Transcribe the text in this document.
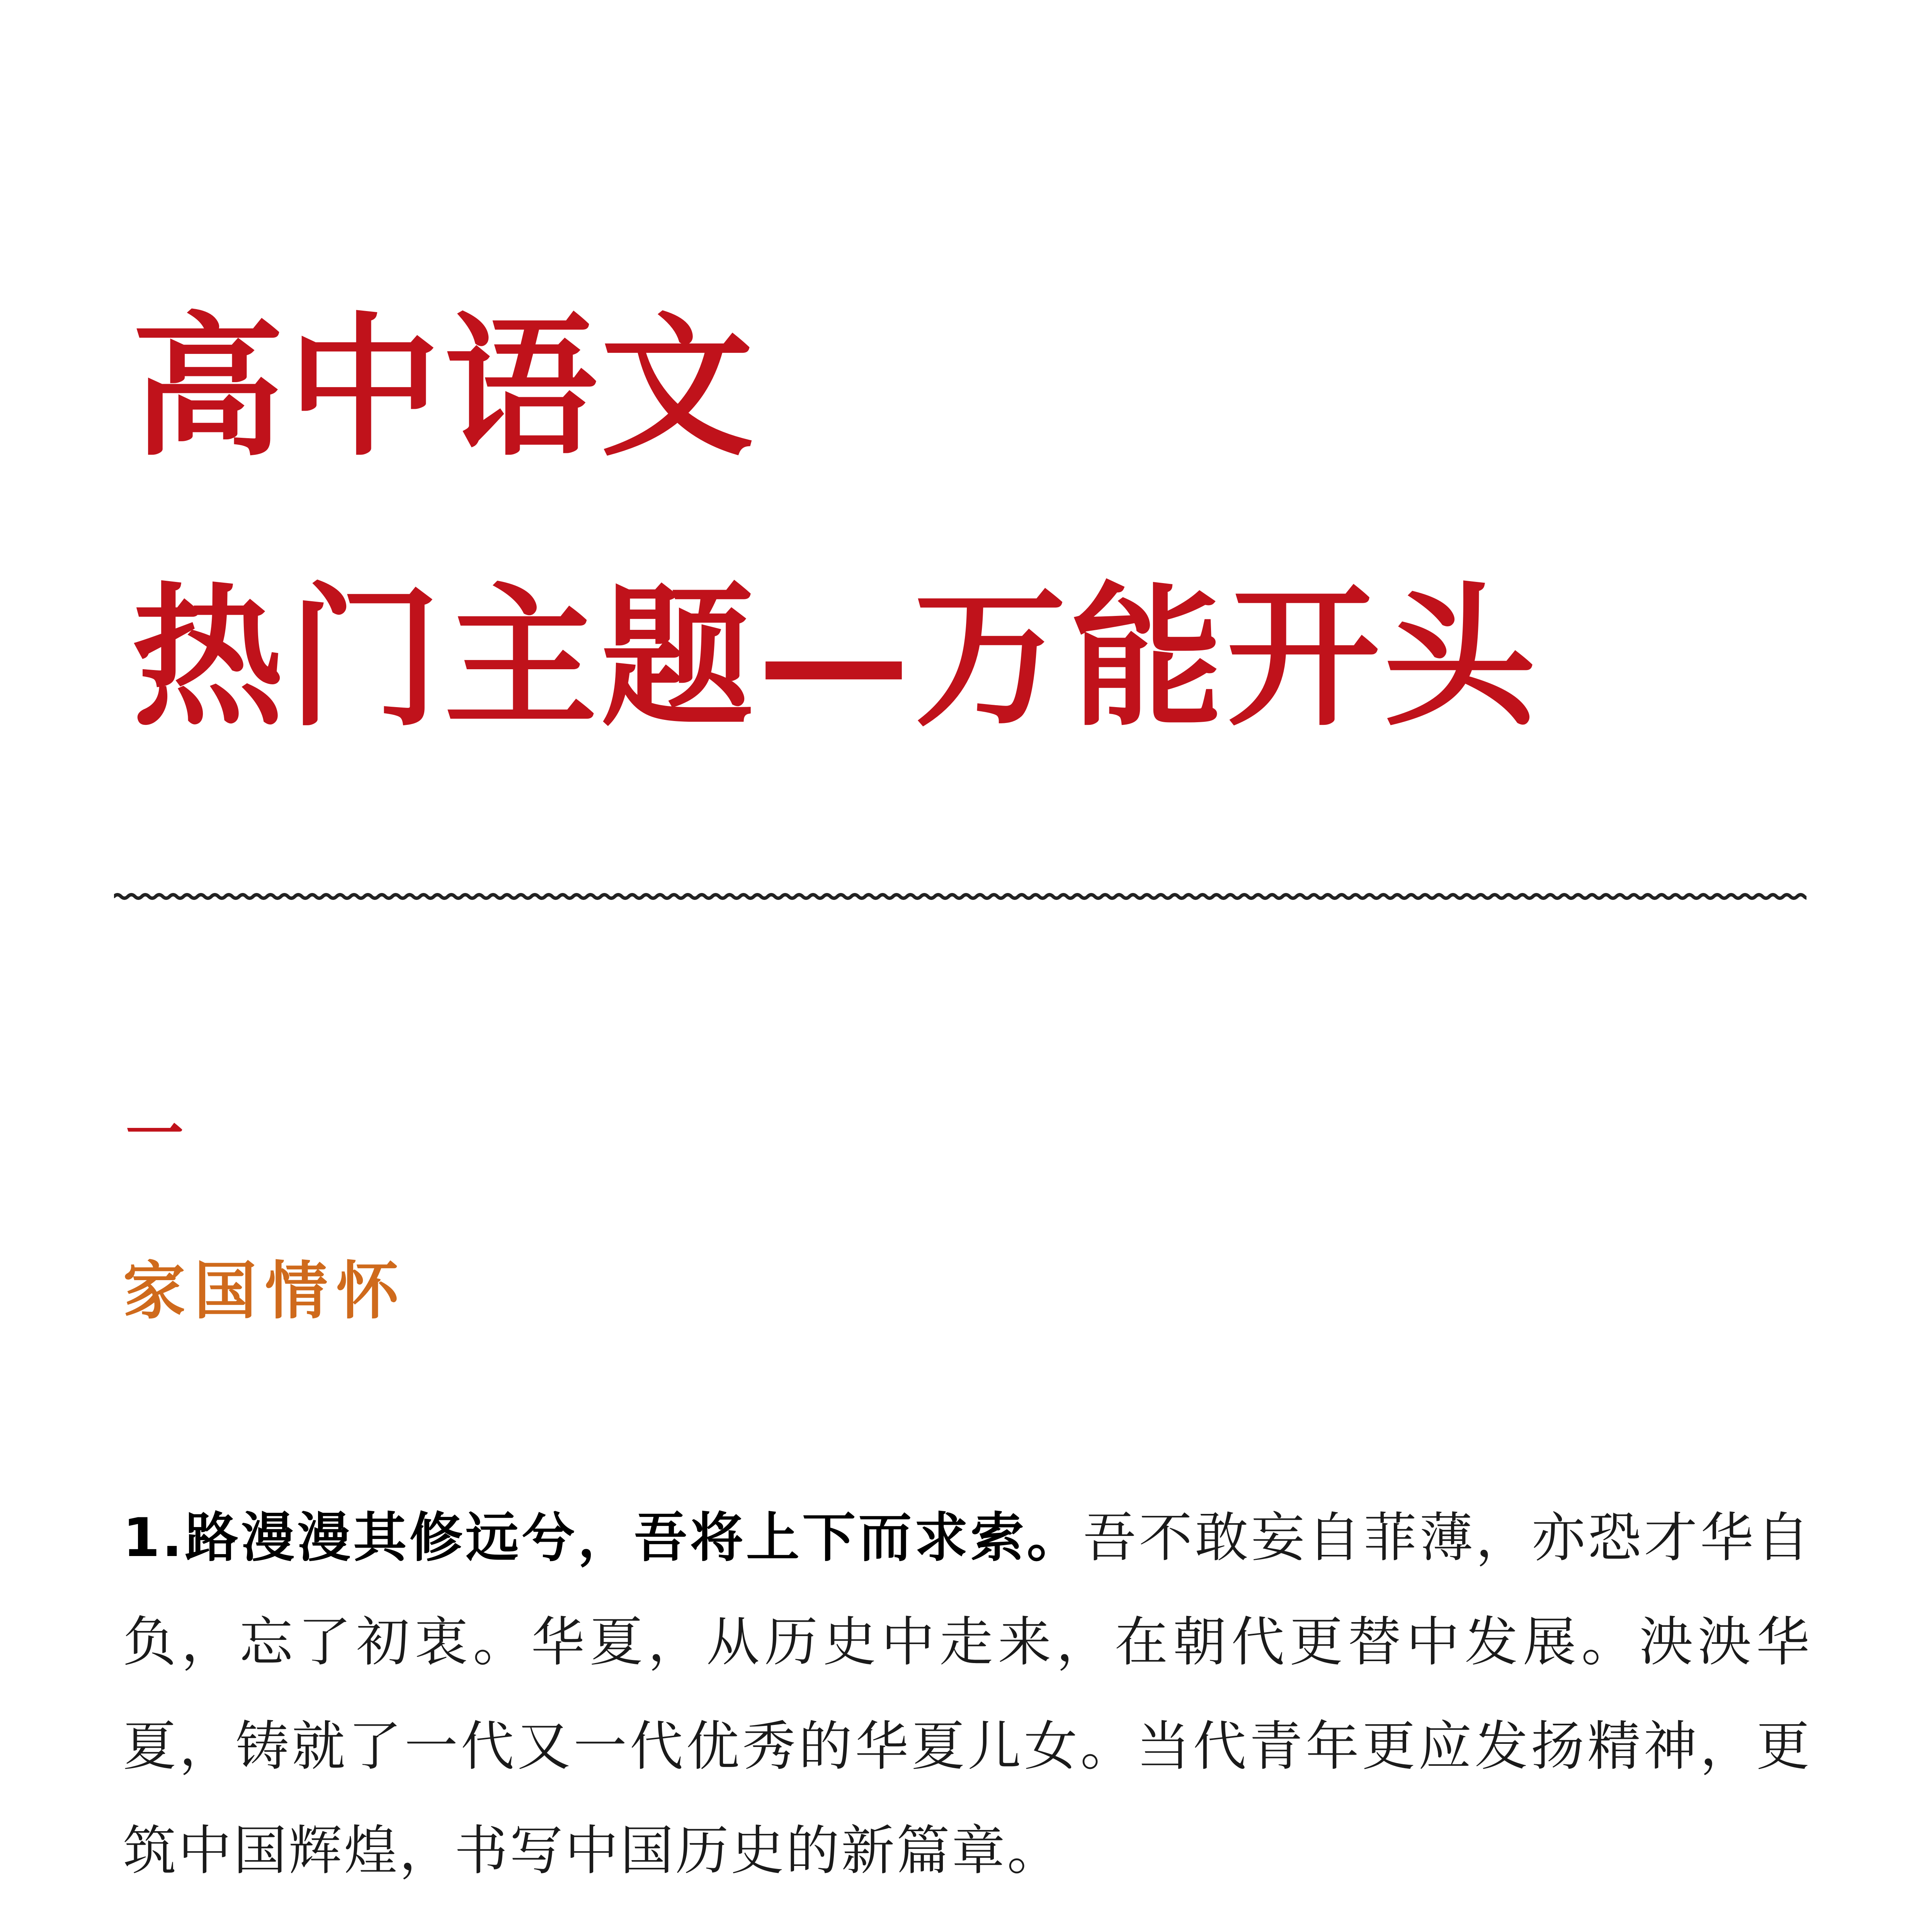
高中语文
热门主题—万能开头
一
家国情怀

1.路漫漫其修远兮，吾将上下而求索。吾不敢妄自菲薄，亦恐才华自负，忘了初衷。华夏，从历史中走来，在朝代更替中发展。泱泱华夏，铸就了一代又一代优秀的华夏儿女。当代青年更应发扬精神，更筑中国辉煌，书写中国历史的新篇章。
